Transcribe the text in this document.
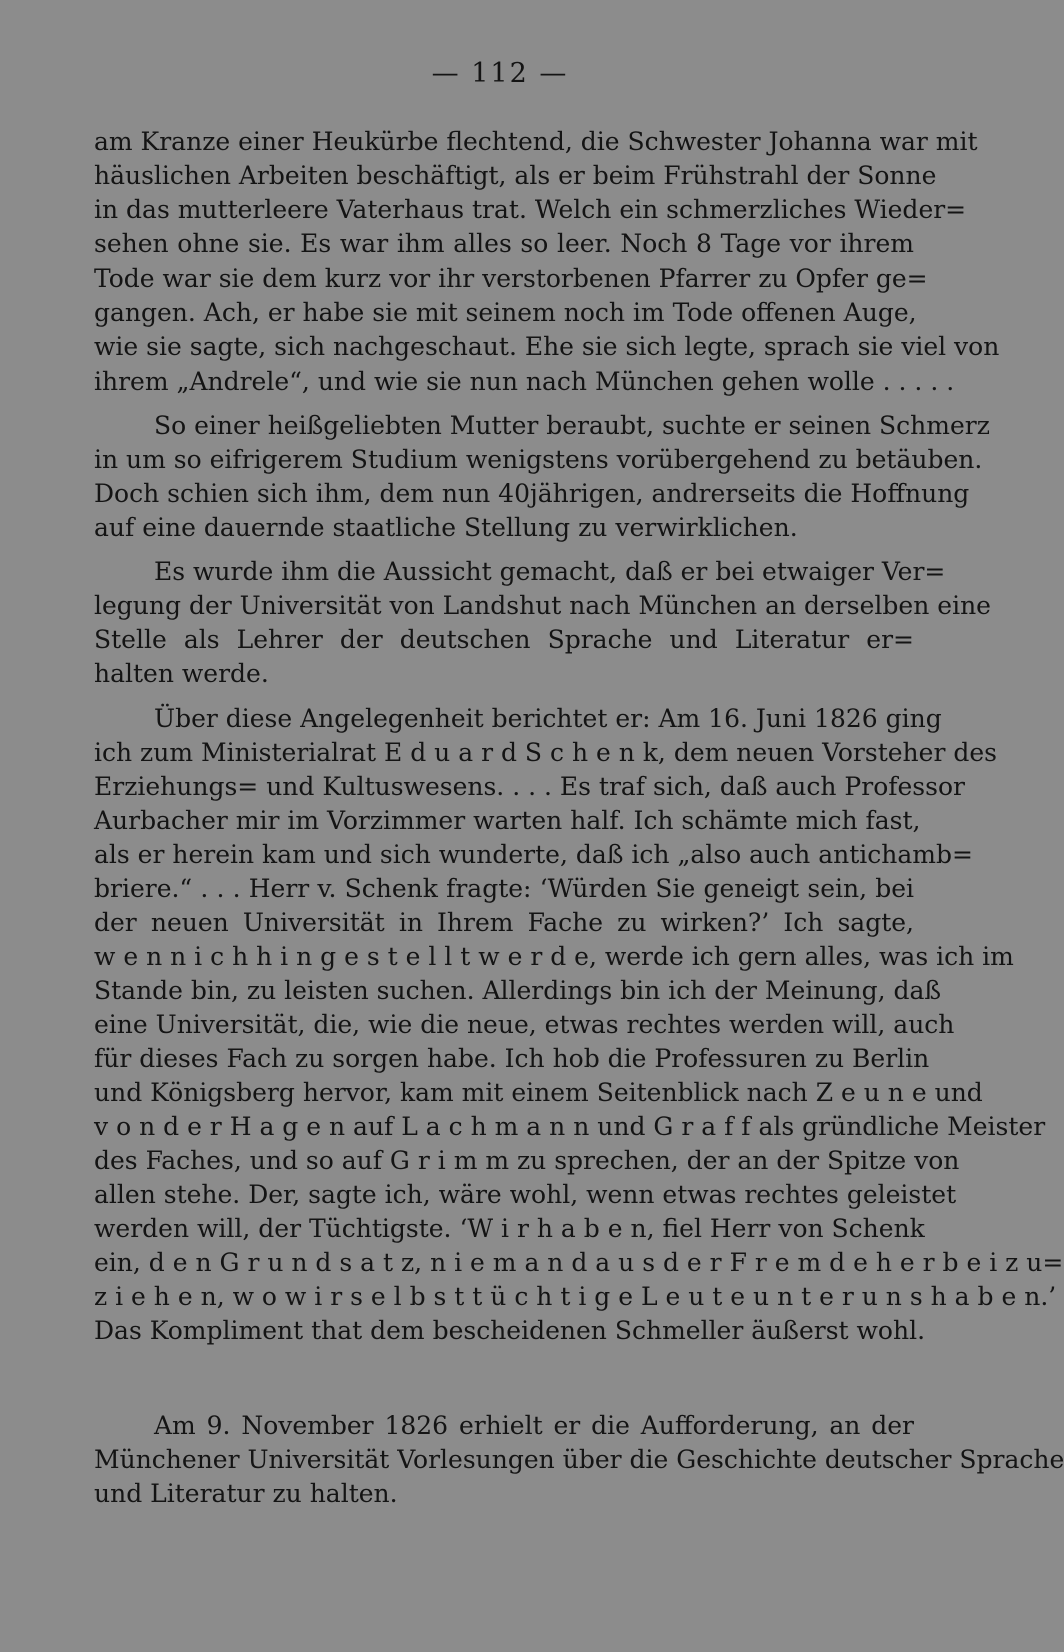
— 112 —

am Kranze einer Heukürbe flechtend, die Schwester Johanna war mit

häuslichen Arbeiten beschäftigt, als er beim Frühstrahl der Sonne

in das mutterleere Vaterhaus trat. Welch ein schmerzliches Wieder=

sehen ohne sie. Es war ihm alles so leer. Noch 8 Tage vor ihrem

Tode war sie dem kurz vor ihr verstorbenen Pfarrer zu Opfer ge=

gangen. Ach, er habe sie mit seinem noch im Tode offenen Auge,

wie sie sagte, sich nachgeschaut. Ehe sie sich legte, sprach sie viel von

ihrem „Andrele“, und wie sie nun nach München gehen wolle . . . . .

So einer heißgeliebten Mutter beraubt, suchte er seinen Schmerz

in um so eifrigerem Studium wenigstens vorübergehend zu betäuben.

Doch schien sich ihm, dem nun 40jährigen, andrerseits die Hoffnung

auf eine dauernde staatliche Stellung zu verwirklichen.

Es wurde ihm die Aussicht gemacht, daß er bei etwaiger Ver=

legung der Universität von Landshut nach München an derselben eine

Stelle als Lehrer der deutschen Sprache und Literatur er=

halten werde.

Über diese Angelegenheit berichtet er: Am 16. Juni 1826 ging

ich zum Ministerialrat E d u a r d S c h e n k, dem neuen Vorsteher des

Erziehungs= und Kultuswesens. . . . Es traf sich, daß auch Professor

Aurbacher mir im Vorzimmer warten half. Ich schämte mich fast,

als er herein kam und sich wunderte, daß ich „also auch antichamb=

briere.“ . . . Herr v. Schenk fragte: ‘Würden Sie geneigt sein, bei

der neuen Universität in Ihrem Fache zu wirken?’ Ich sagte,

w e n n i c h h i n g e s t e l l t w e r d e, werde ich gern alles, was ich im

Stande bin, zu leisten suchen. Allerdings bin ich der Meinung, daß

eine Universität, die, wie die neue, etwas rechtes werden will, auch

für dieses Fach zu sorgen habe. Ich hob die Professuren zu Berlin

und Königsberg hervor, kam mit einem Seitenblick nach Z e u n e und

v o n d e r H a g e n auf L a c h m a n n und G r a f f als gründliche Meister

des Faches, und so auf G r i m m zu sprechen, der an der Spitze von

allen stehe. Der, sagte ich, wäre wohl, wenn etwas rechtes geleistet

werden will, der Tüchtigste. ‘W i r h a b e n, fiel Herr von Schenk

ein, d e n G r u n d s a t z, n i e m a n d a u s d e r F r e m d e h e r b e i z u=

z i e h e n, w o w i r s e l b s t t ü c h t i g e L e u t e u n t e r u n s h a b e n.’

Das Kompliment that dem bescheidenen Schmeller äußerst wohl.

Am 9. November 1826 erhielt er die Aufforderung, an der

Münchener Universität Vorlesungen über die Geschichte deutscher Sprache

und Literatur zu halten.
